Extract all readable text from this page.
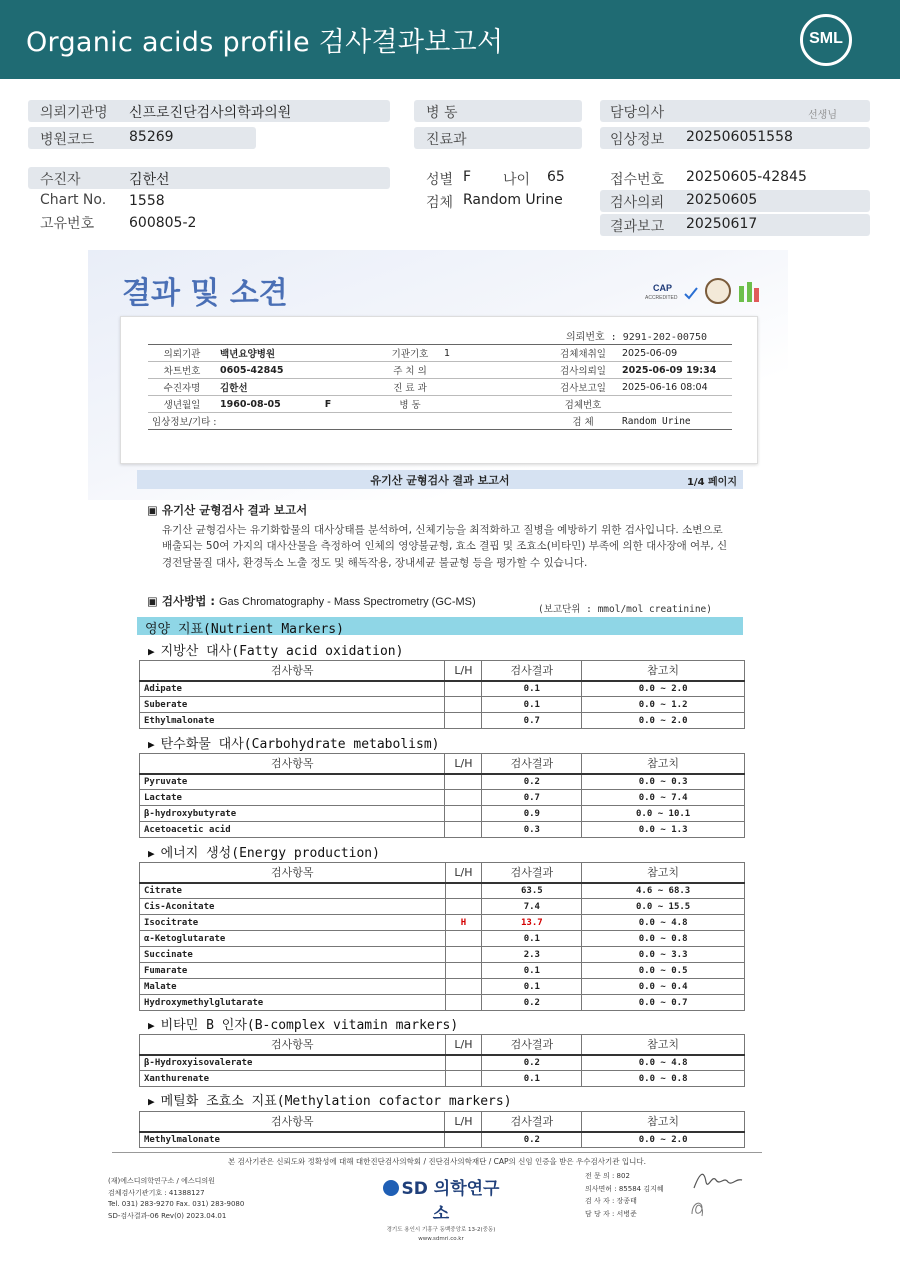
Organic acids profile 검사결과보고서	SML
의뢰기관명 신프로진단검사의학과의원
병원코드 85269
병 동
진료과
담당의사	선생님
임상정보 202506051558
수진자	김한선
Chart No. 1558
고유번호 600805-2
성별 F 나이 65
검체 Random Urine
접수번호 20250605-42845
검사의뢰 20250605
결과보고 20250617
결과 및 소견	CAP
ACCREDITED
의뢰번호 : 9291-202-00750
의뢰기관	백년요양병원	기관기호	1	검체채취일	2025-06-09
차트번호	0605-42845	주 치 의		검사의뢰일	2025-06-09 19:34
수진자명	김한선	진 료 과		검사보고일	2025-06-16 08:04
생년월일	1960-08-05 F	병 동		검체번호	
임상정보/기타 :				검 체	Random Urine
유기산 균형검사 결과 보고서	1/4 페이지
▣ 유기산 균형검사 결과 보고서
유기산 균형검사는 유기화합물의 대사상태를 분석하여, 신체기능을 최적화하고 질병을 예방하기 위한 검사입니다. 소변으로 배출되는 50여 가지의 대사산물을 측정하여 인체의 영양불균형, 효소 결핍 및 조효소(비타민) 부족에 의한 대사장애 여부, 신경전달물질 대사, 환경독소 노출 정도 및 해독작용, 장내세균 불균형 등을 평가할 수 있습니다.
▣ 검사방법 : Gas Chromatography - Mass Spectrometry (GC-MS)
(보고단위 : mmol/mol creatinine)
영양 지표(Nutrient Markers)
▶ 지방산 대사(Fatty acid oxidation)
검사항목	L/H	검사결과	참고치
Adipate		0.1	0.0 ~ 2.0
Suberate		0.1	0.0 ~ 1.2
Ethylmalonate		0.7	0.0 ~ 2.0
▶ 탄수화물 대사(Carbohydrate metabolism)
검사항목	L/H	검사결과	참고치
Pyruvate		0.2	0.0 ~ 0.3
Lactate		0.7	0.0 ~ 7.4
β-hydroxybutyrate		0.9	0.0 ~ 10.1
Acetoacetic acid		0.3	0.0 ~ 1.3
▶ 에너지 생성(Energy production)
검사항목	L/H	검사결과	참고치
Citrate		63.5	4.6 ~ 68.3
Cis-Aconitate		7.4	0.0 ~ 15.5
Isocitrate	H	13.7	0.0 ~ 4.8
α-Ketoglutarate		0.1	0.0 ~ 0.8
Succinate		2.3	0.0 ~ 3.3
Fumarate		0.1	0.0 ~ 0.5
Malate		0.1	0.0 ~ 0.4
Hydroxymethylglutarate		0.2	0.0 ~ 0.7
▶ 비타민 B 인자(B-complex vitamin markers)
검사항목	L/H	검사결과	참고치
β-Hydroxyisovalerate		0.2	0.0 ~ 4.8
Xanthurenate		0.1	0.0 ~ 0.8
▶ 메틸화 조효소 지표(Methylation cofactor markers)
검사항목	L/H	검사결과	참고치
Methylmalonate		0.2	0.0 ~ 2.0
본 검사기관은 신뢰도와 정확성에 대해 대한진단검사의학회 / 진단검사의학재단 / CAP의 신임 인증을 받은 우수검사기관 입니다.
(재)에스디의학연구소 / 에스디의원
검체검사기관기호 : 41388127
Tel. 031) 283-9270 Fax. 031) 283-9080
SD-검사결과-06 Rev(0) 2023.04.01
SD 의학연구소
경기도 용인시 기흥구 동백중앙로 13-2(중동)
www.sdmri.co.kr
전 문 의 : 802
의사면허 : 85584 김지혜
검 사 자 : 장종태
담 당 자 : 서병준
